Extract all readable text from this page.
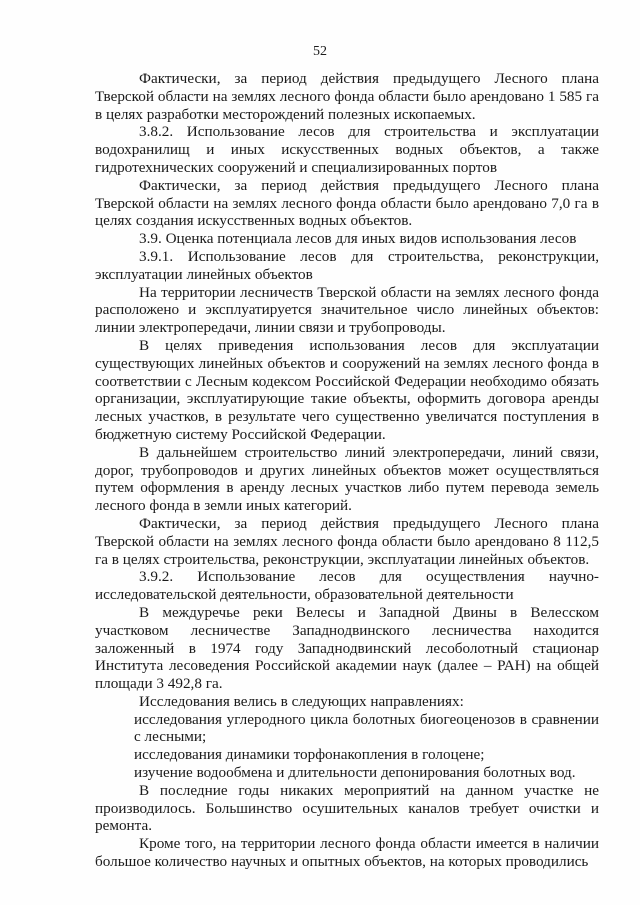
52

Фактически, за период действия предыдущего Лесного плана Тверской области на землях лесного фонда области было арендовано 1 585 га в целях разработки месторождений полезных ископаемых.

3.8.2. Использование лесов для строительства и эксплуатации водохранилищ и иных искусственных водных объектов, а также гидротехнических сооружений и специализированных портов

Фактически, за период действия предыдущего Лесного плана Тверской области на землях лесного фонда области было арендовано 7,0 га в целях создания искусственных водных объектов.

3.9. Оценка потенциала лесов для иных видов использования лесов

3.9.1. Использование лесов для строительства, реконструкции, эксплуатации линейных объектов

На территории лесничеств Тверской области на землях лесного фонда расположено и эксплуатируется значительное число линейных объектов: линии электропередачи, линии связи и трубопроводы.

В целях приведения использования лесов для эксплуатации существующих линейных объектов и сооружений на землях лесного фонда в соответствии с Лесным кодексом Российской Федерации необходимо обязать организации, эксплуатирующие такие объекты, оформить договора аренды лесных участков, в результате чего существенно увеличатся поступления в бюджетную систему Российской Федерации.

В дальнейшем строительство линий электропередачи, линий связи, дорог, трубопроводов и других линейных объектов может осуществляться путем оформления в аренду лесных участков либо путем перевода земель лесного фонда в земли иных категорий.

Фактически, за период действия предыдущего Лесного плана Тверской области на землях лесного фонда области было арендовано 8 112,5 га в целях строительства, реконструкции, эксплуатации линейных объектов.

3.9.2. Использование лесов для осуществления научно-исследовательской деятельности, образовательной деятельности

В междуречье реки Велесы и Западной Двины в Велесском участковом лесничестве Западнодвинского лесничества находится заложенный в 1974 году Западнодвинский лесоболотный стационар Института лесоведения Российской академии наук (далее – РАН) на общей площади 3 492,8 га.

Исследования велись в следующих направлениях:

исследования углеродного цикла болотных биогеоценозов в сравнении с лесными;

исследования динамики торфонакопления в голоцене;

изучение водообмена и длительности депонирования болотных вод.

В последние годы никаких мероприятий на данном участке не производилось. Большинство осушительных каналов требует очистки и ремонта.

Кроме того, на территории лесного фонда области имеется в наличии большое количество научных и опытных объектов, на которых проводились
